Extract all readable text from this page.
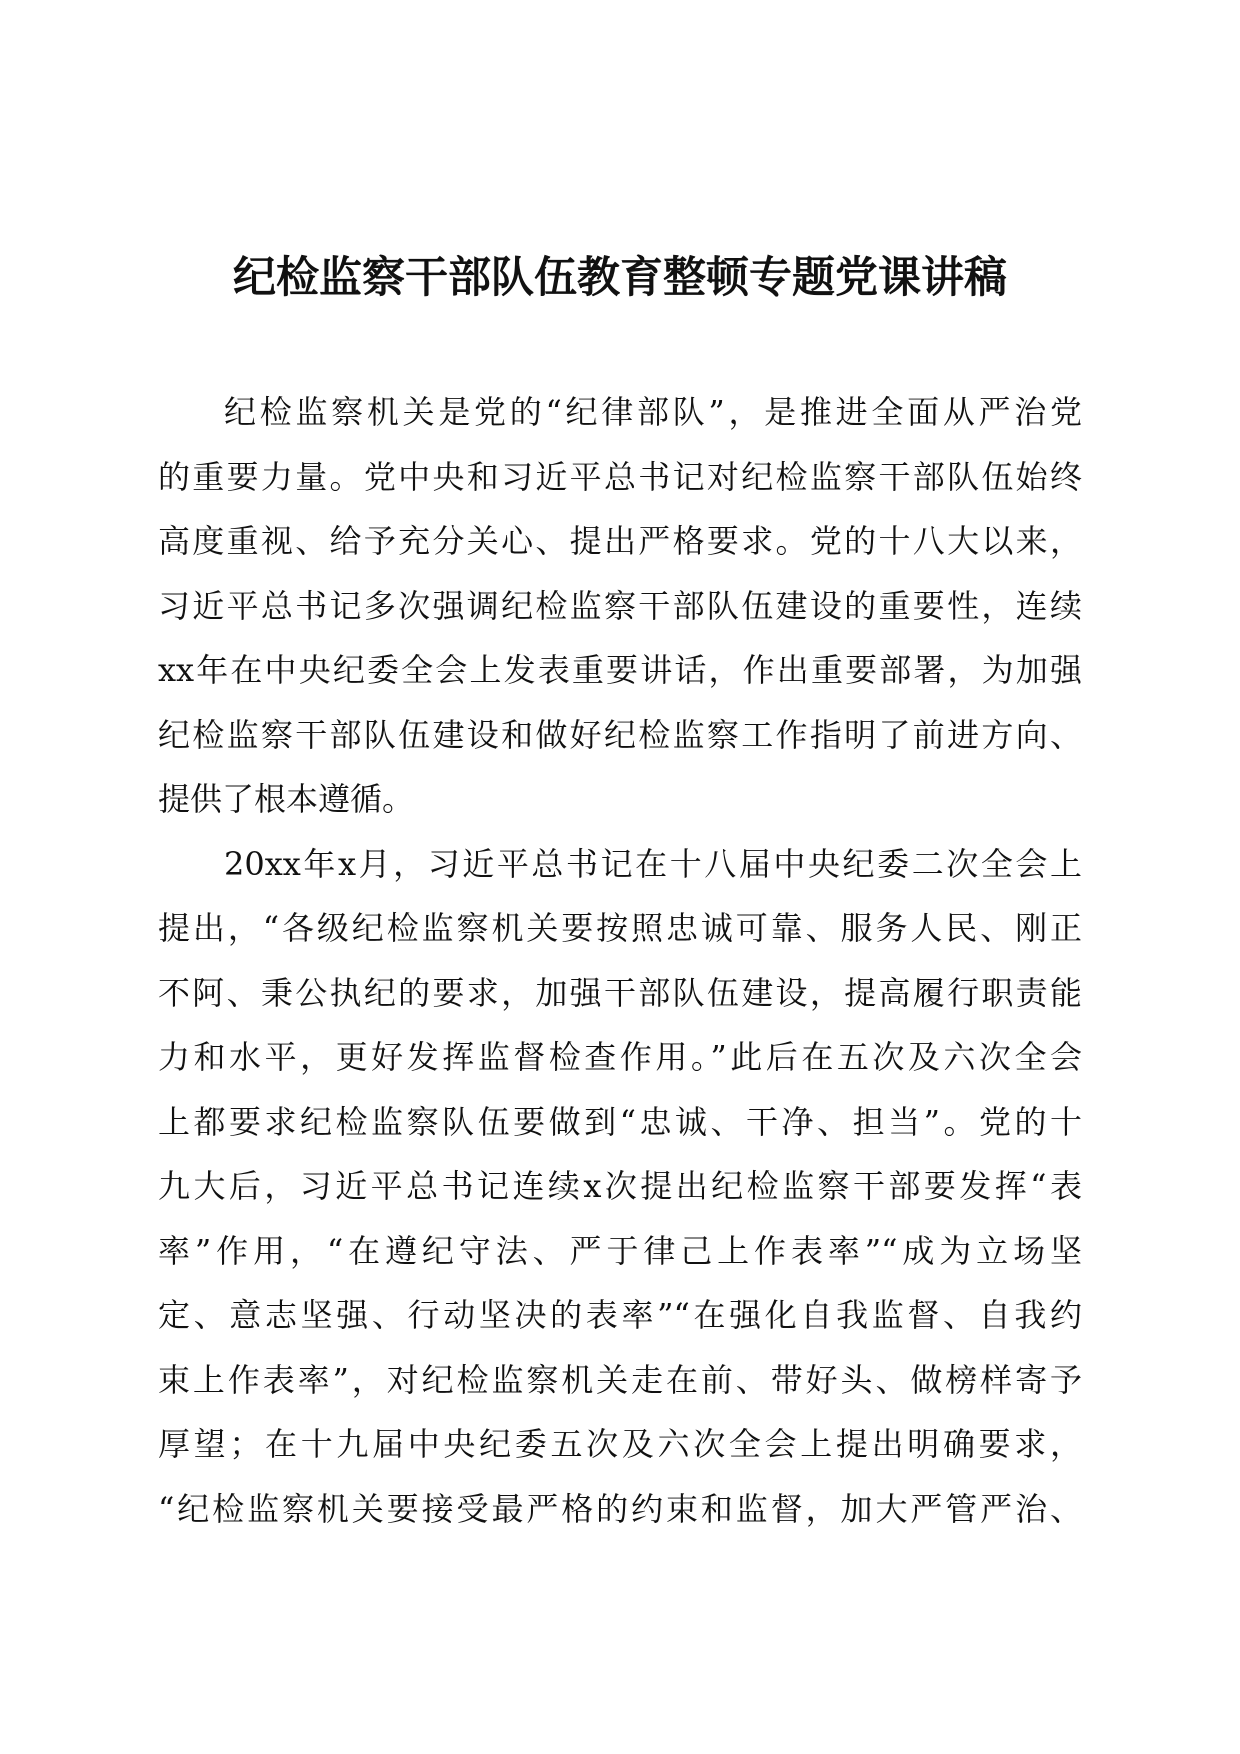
纪检监察干部队伍教育整顿专题党课讲稿
纪检监察机关是党的“纪律部队”，是推进全面从严治党
的重要力量。党中央和习近平总书记对纪检监察干部队伍始终
高度重视、给予充分关心、提出严格要求。党的十八大以来，
习近平总书记多次强调纪检监察干部队伍建设的重要性，连续
xx年在中央纪委全会上发表重要讲话，作出重要部署，为加强
纪检监察干部队伍建设和做好纪检监察工作指明了前进方向、
提供了根本遵循。
20xx年x月，习近平总书记在十八届中央纪委二次全会上
提出，“各级纪检监察机关要按照忠诚可靠、服务人民、刚正
不阿、秉公执纪的要求，加强干部队伍建设，提高履行职责能
力和水平，更好发挥监督检查作用。”此后在五次及六次全会
上都要求纪检监察队伍要做到“忠诚、干净、担当”。党的十
九大后，习近平总书记连续x次提出纪检监察干部要发挥“表
率”作用，“在遵纪守法、严于律己上作表率”“成为立场坚
定、意志坚强、行动坚决的表率”“在强化自我监督、自我约
束上作表率”，对纪检监察机关走在前、带好头、做榜样寄予
厚望；在十九届中央纪委五次及六次全会上提出明确要求，
“纪检监察机关要接受最严格的约束和监督，加大严管严治、
